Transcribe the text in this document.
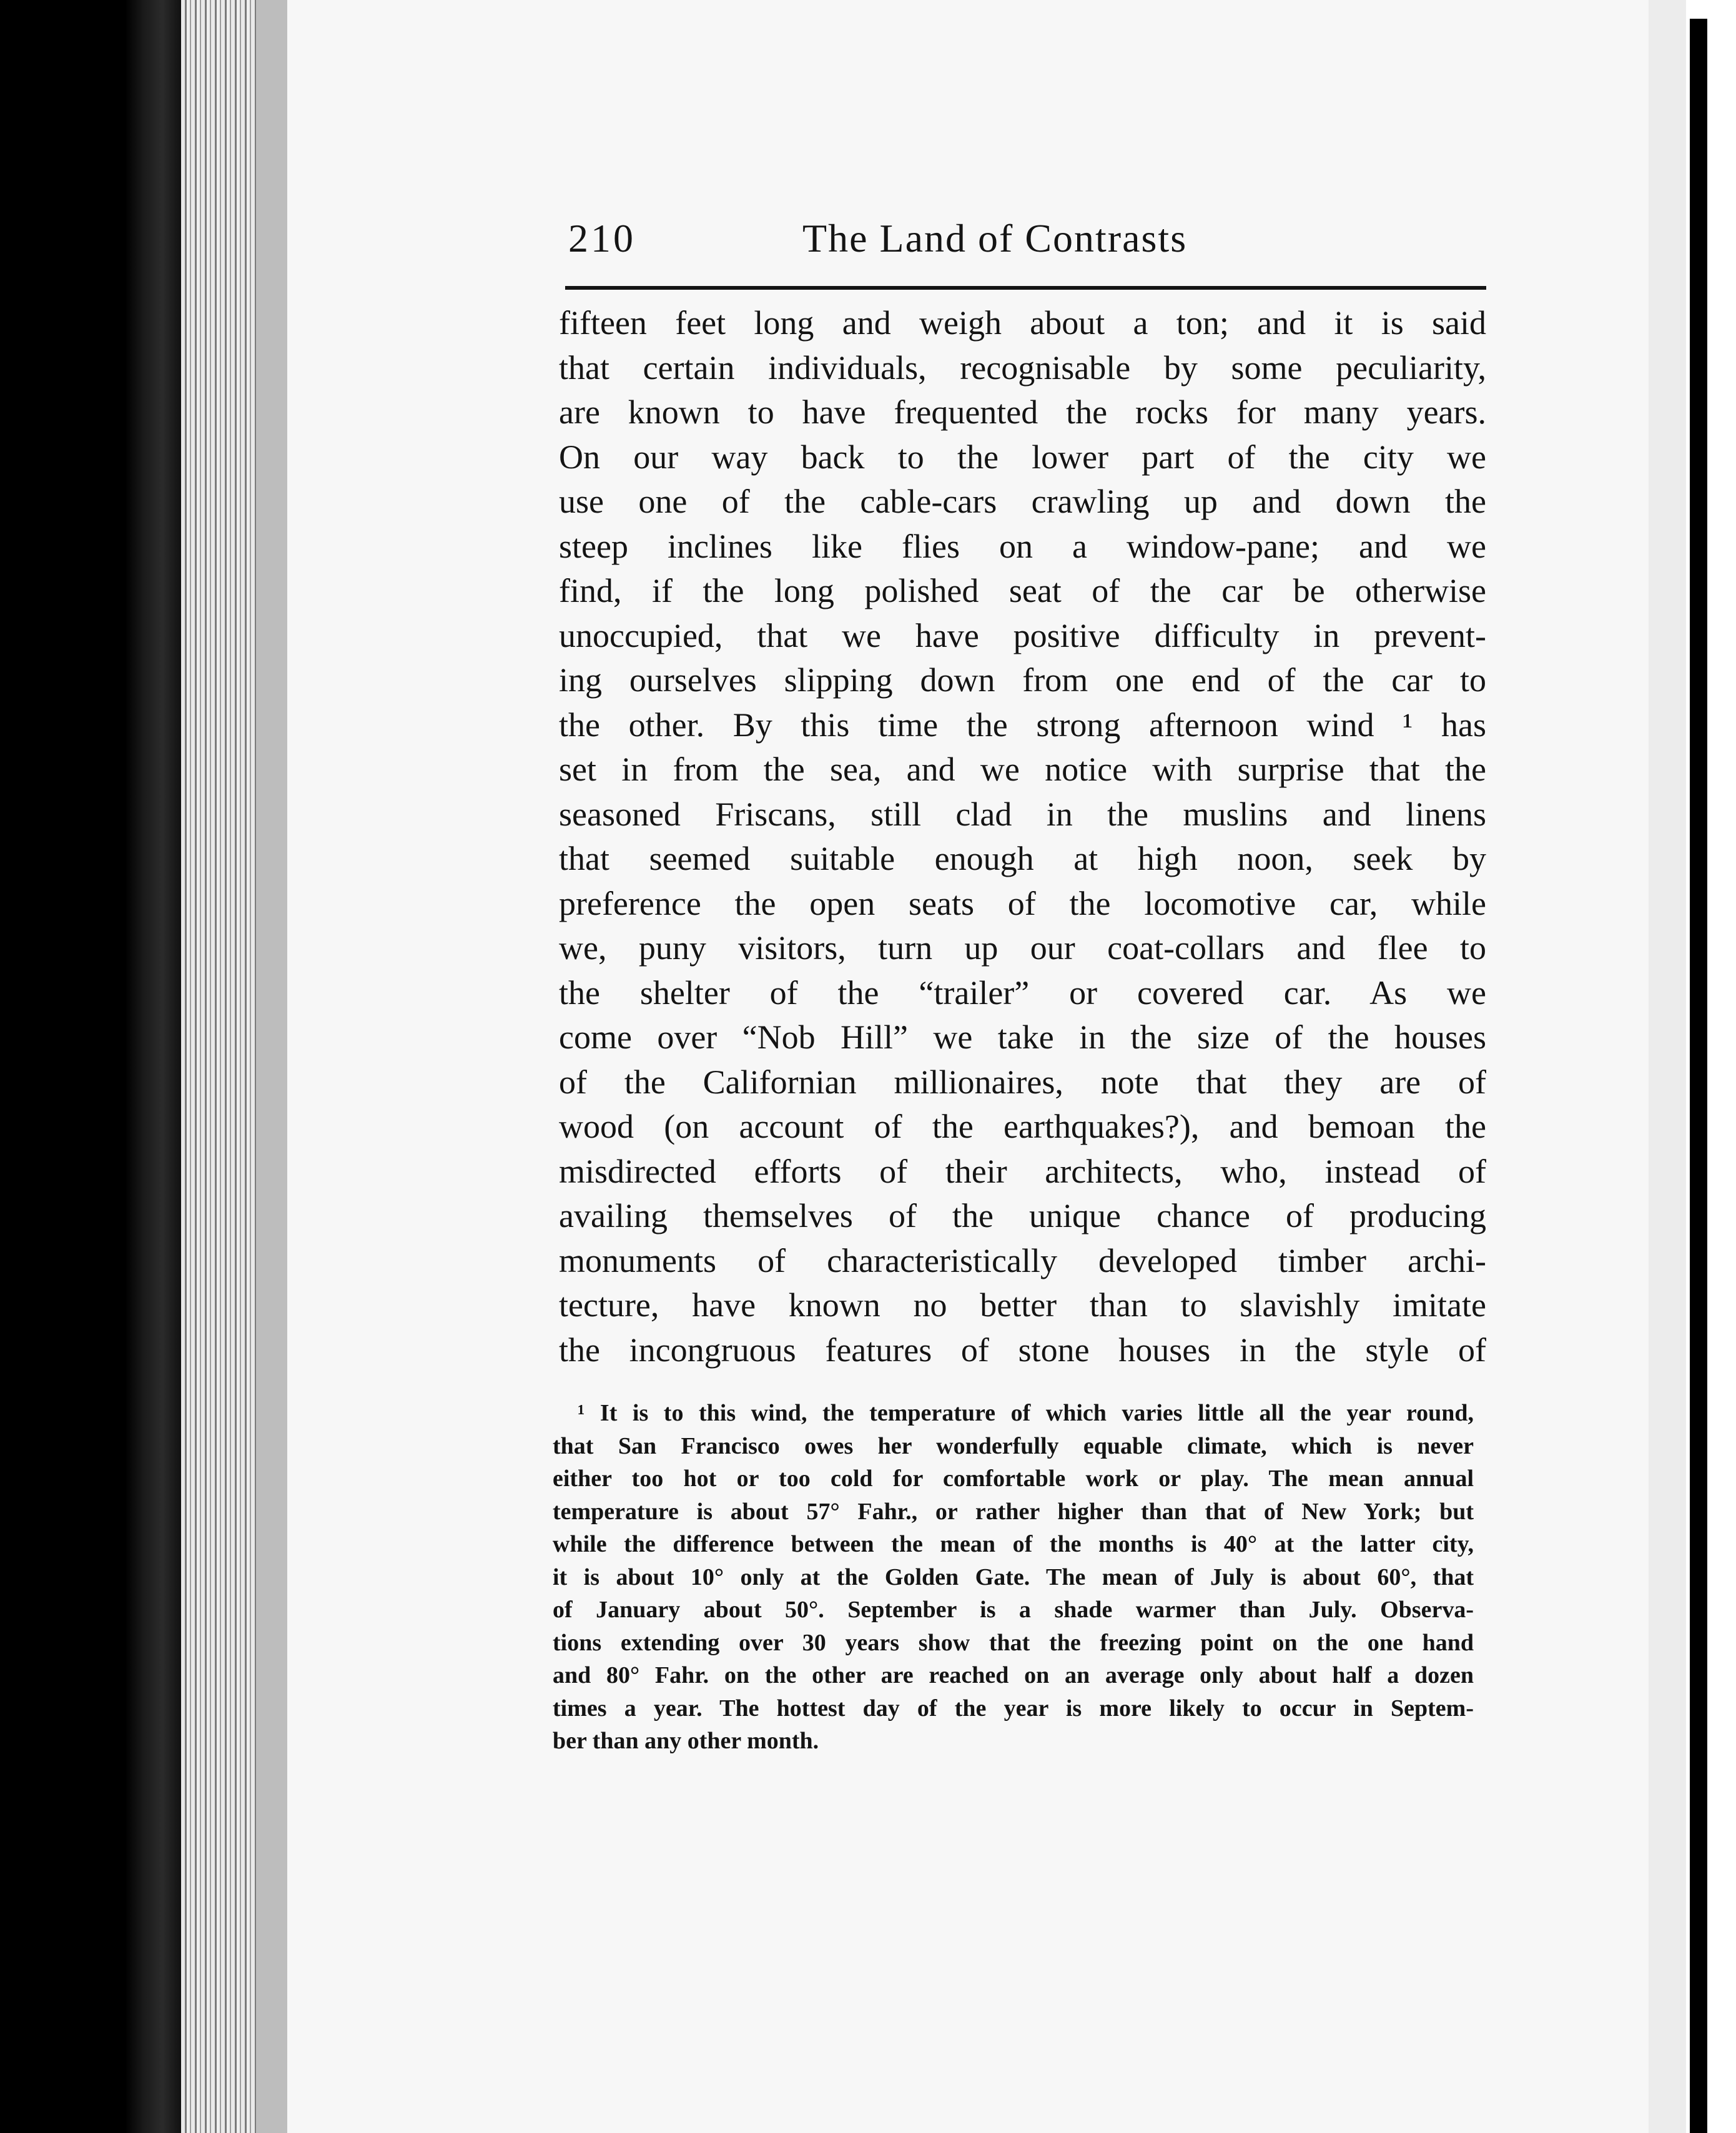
210	The Land of Contrasts
fifteen feet long and weigh about a ton; and it is said
that certain individuals, recognisable by some peculiarity,
are known to have frequented the rocks for many years.
On our way back to the lower part of the city we
use one of the cable-cars crawling up and down the
steep inclines like flies on a window-pane; and we
find, if the long polished seat of the car be otherwise
unoccupied, that we have positive difficulty in prevent-
ing ourselves slipping down from one end of the car to
the other. By this time the strong afternoon wind ¹ has
set in from the sea, and we notice with surprise that the
seasoned Friscans, still clad in the muslins and linens
that seemed suitable enough at high noon, seek by
preference the open seats of the locomotive car, while
we, puny visitors, turn up our coat-collars and flee to
the shelter of the “trailer” or covered car. As we
come over “Nob Hill” we take in the size of the houses
of the Californian millionaires, note that they are of
wood (on account of the earthquakes?), and bemoan the
misdirected efforts of their architects, who, instead of
availing themselves of the unique chance of producing
monuments of characteristically developed timber archi-
tecture, have known no better than to slavishly imitate
the incongruous features of stone houses in the style of
¹ It is to this wind, the temperature of which varies little all the year round,
that San Francisco owes her wonderfully equable climate, which is never
either too hot or too cold for comfortable work or play. The mean annual
temperature is about 57° Fahr., or rather higher than that of New York; but
while the difference between the mean of the months is 40° at the latter city,
it is about 10° only at the Golden Gate. The mean of July is about 60°, that
of January about 50°. September is a shade warmer than July. Observa-
tions extending over 30 years show that the freezing point on the one hand
and 80° Fahr. on the other are reached on an average only about half a dozen
times a year. The hottest day of the year is more likely to occur in Septem-
ber than any other month.
